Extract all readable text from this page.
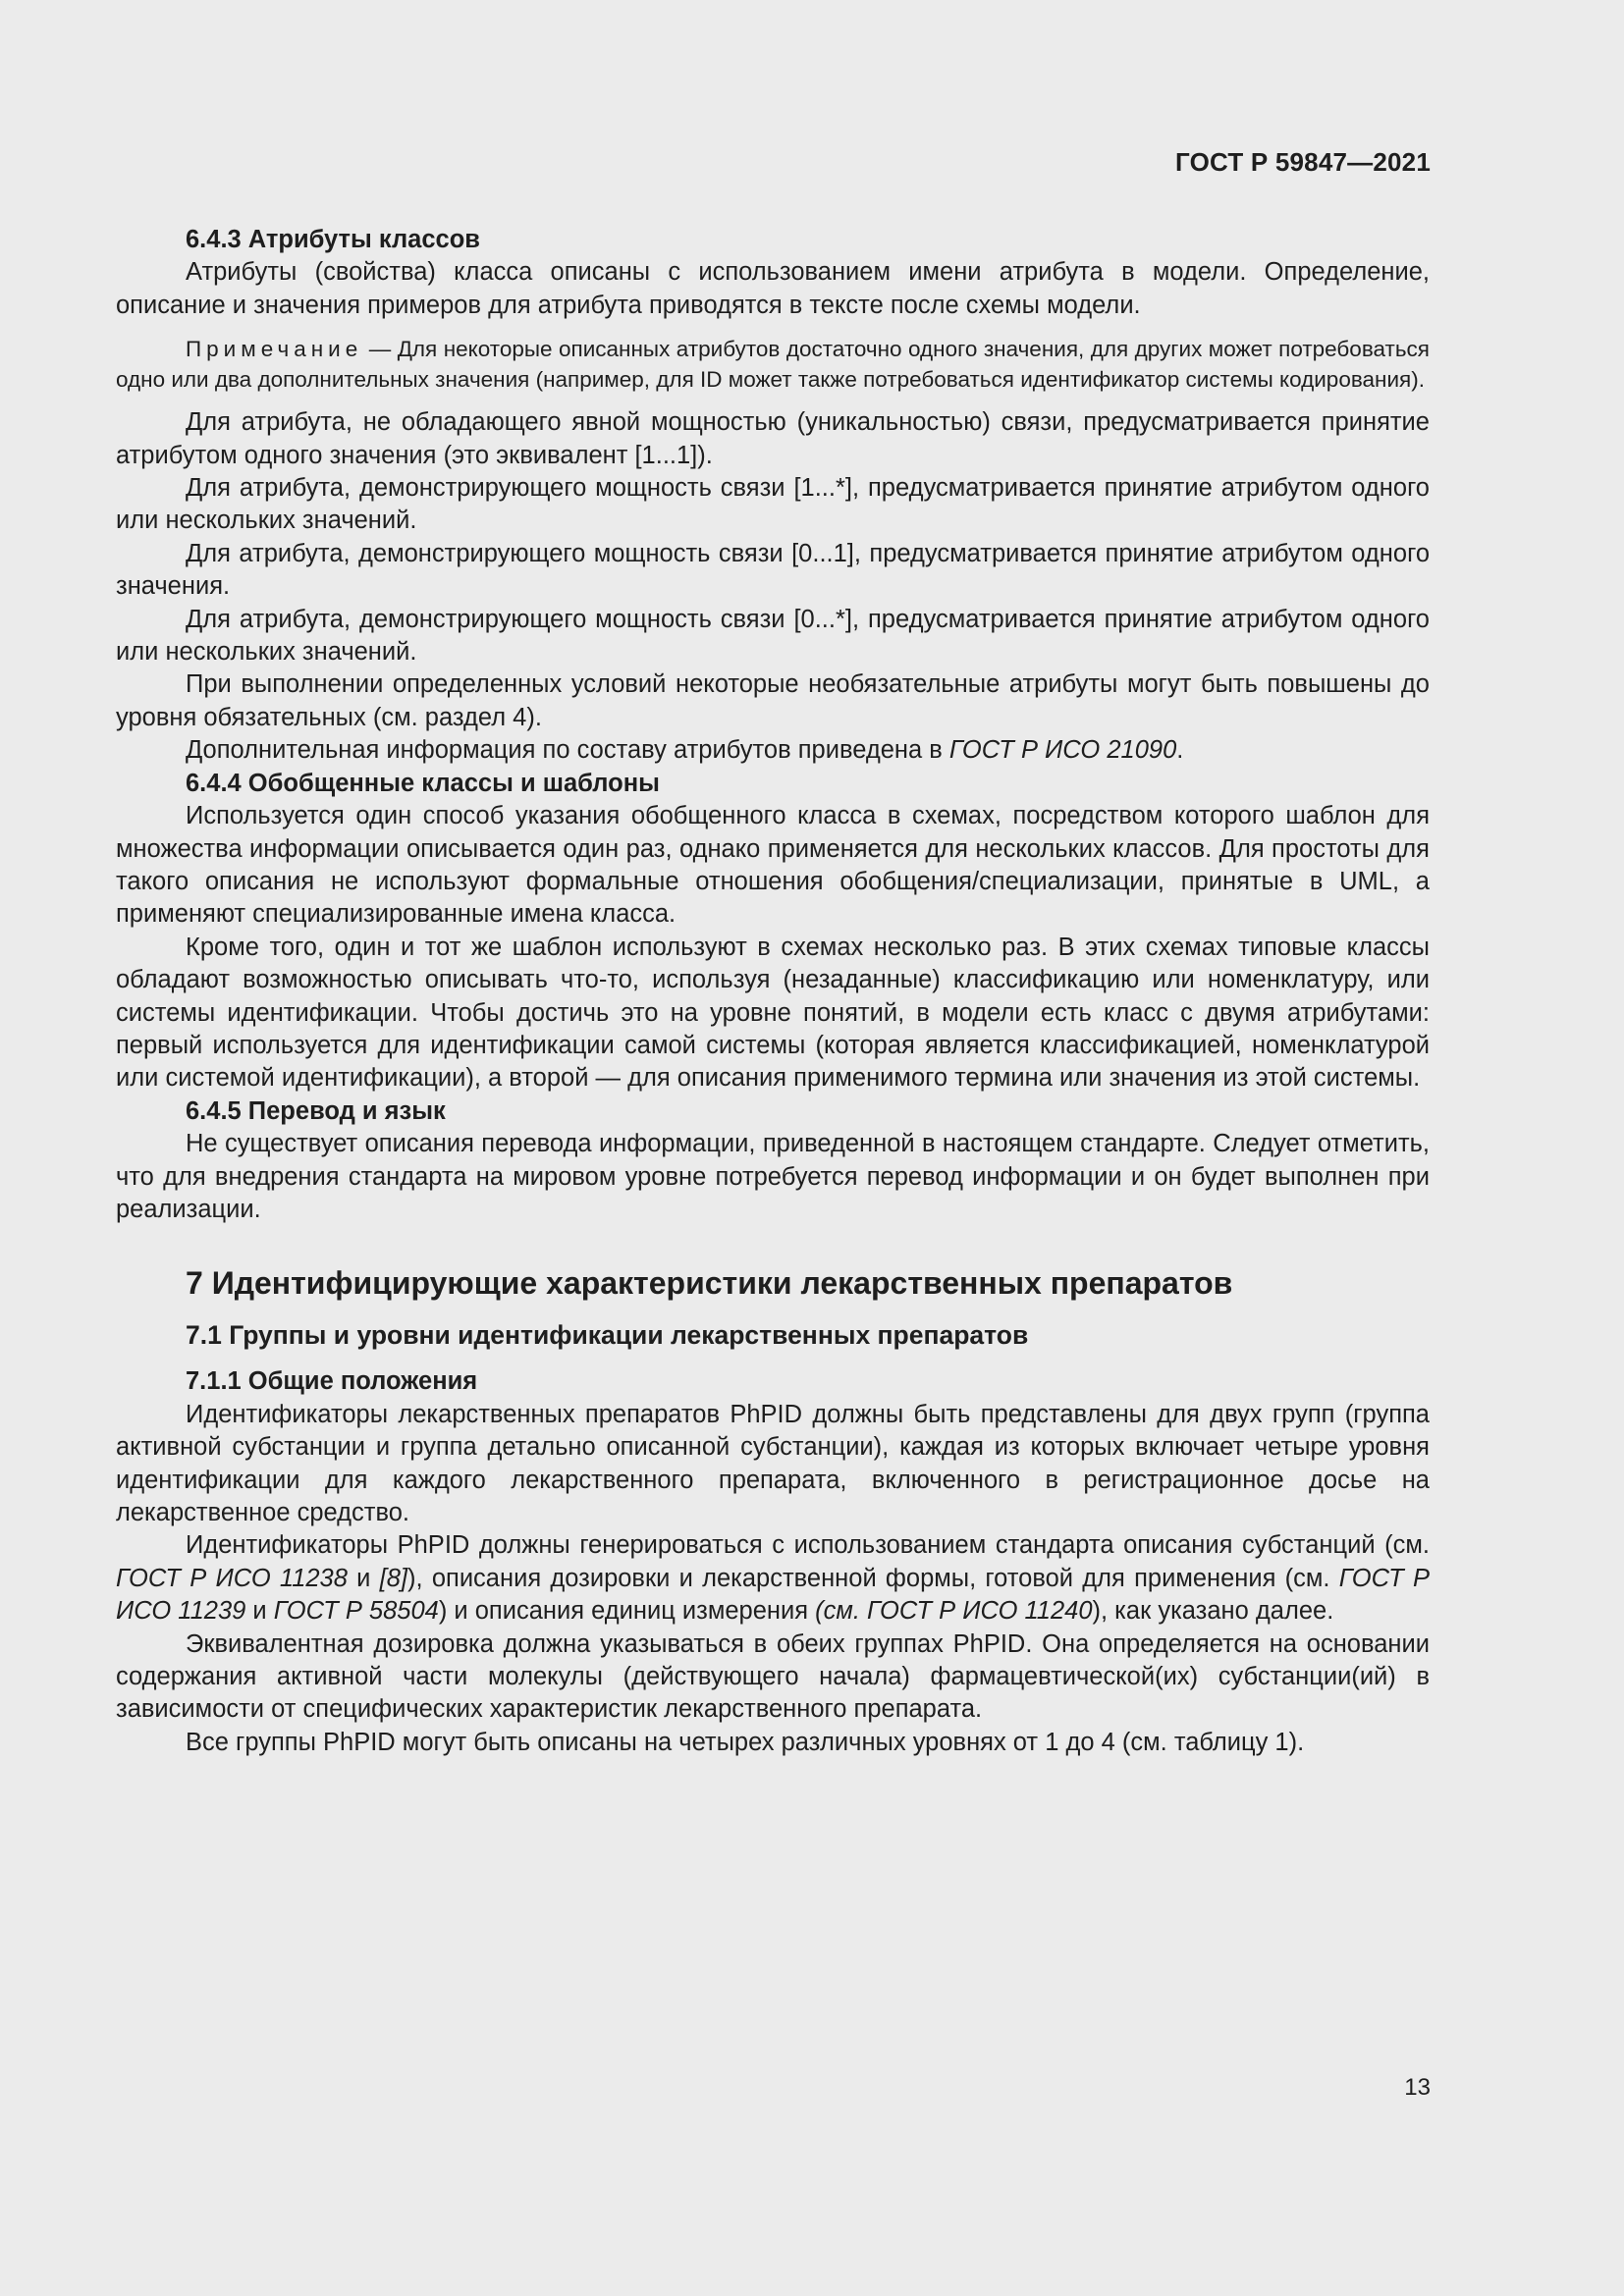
ГОСТ Р 59847—2021
6.4.3 Атрибуты классов

Атрибуты (свойства) класса описаны с использованием имени атрибута в модели. Определение, описание и значения примеров для атрибута приводятся в тексте после схемы модели.

Примечание — Для некоторые описанных атрибутов достаточно одного значения, для других может потребоваться одно или два дополнительных значения (например, для ID может также потребоваться идентификатор системы кодирования).

Для атрибута, не обладающего явной мощностью (уникальностью) связи, предусматривается принятие атрибутом одного значения (это эквивалент [1...1]).

Для атрибута, демонстрирующего мощность связи [1...*], предусматривается принятие атрибутом одного или нескольких значений.

Для атрибута, демонстрирующего мощность связи [0...1], предусматривается принятие атрибутом одного значения.

Для атрибута, демонстрирующего мощность связи [0...*], предусматривается принятие атрибутом одного или нескольких значений.

При выполнении определенных условий некоторые необязательные атрибуты могут быть повышены до уровня обязательных (см. раздел 4).

Дополнительная информация по составу атрибутов приведена в ГОСТ Р ИСО 21090.

6.4.4 Обобщенные классы и шаблоны

Используется один способ указания обобщенного класса в схемах, посредством которого шаблон для множества информации описывается один раз, однако применяется для нескольких классов. Для простоты для такого описания не используют формальные отношения обобщения/специализации, принятые в UML, а применяют специализированные имена класса.

Кроме того, один и тот же шаблон используют в схемах несколько раз. В этих схемах типовые классы обладают возможностью описывать что-то, используя (незаданные) классификацию или номенклатуру, или системы идентификации. Чтобы достичь это на уровне понятий, в модели есть класс с двумя атрибутами: первый используется для идентификации самой системы (которая является классификацией, номенклатурой или системой идентификации), а второй — для описания применимого термина или значения из этой системы.

6.4.5 Перевод и язык

Не существует описания перевода информации, приведенной в настоящем стандарте. Следует отметить, что для внедрения стандарта на мировом уровне потребуется перевод информации и он будет выполнен при реализации.

7 Идентифицирующие характеристики лекарственных препаратов
7.1 Группы и уровни идентификации лекарственных препаратов
7.1.1 Общие положения

Идентификаторы лекарственных препаратов PhPID должны быть представлены для двух групп (группа активной субстанции и группа детально описанной субстанции), каждая из которых включает четыре уровня идентификации для каждого лекарственного препарата, включенного в регистрационное досье на лекарственное средство.

Идентификаторы PhPID должны генерироваться с использованием стандарта описания субстанций (см. ГОСТ Р ИСО 11238 и [8]), описания дозировки и лекарственной формы, готовой для применения (см. ГОСТ Р ИСО 11239 и ГОСТ Р 58504) и описания единиц измерения (см. ГОСТ Р ИСО 11240), как указано далее.

Эквивалентная дозировка должна указываться в обеих группах PhPID. Она определяется на основании содержания активной части молекулы (действующего начала) фармацевтической(их) субстанции(ий) в зависимости от специфических характеристик лекарственного препарата.

Все группы PhPID могут быть описаны на четырех различных уровнях от 1 до 4 (см. таблицу 1).

13
